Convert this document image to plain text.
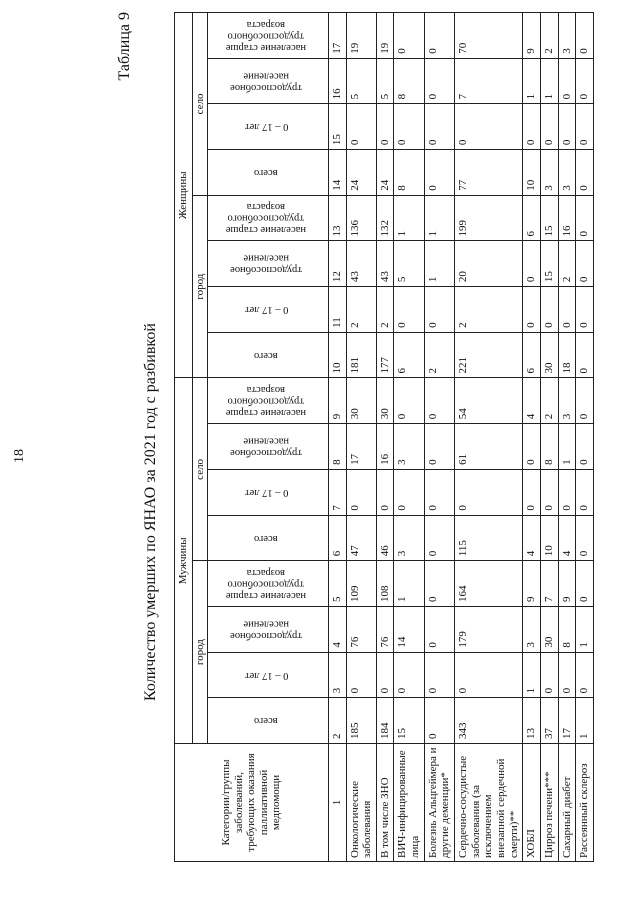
18	Количество умерших по ЯНАО за 2021 год с разбивкой
Таблица 9
Категории/группы заболеваний, требующих оказания паллиативной медпомощи	Мужчины								Женщины							
	город				село				город				село			
	всего	0 – 17 лет	трудоспособное население	население старше трудоспособного возраста	всего	0 – 17 лет	трудоспособное население	население старше трудоспособного возраста	всего	0 – 17 лет	трудоспособное население	население старше трудоспособного возраста	всего	0 – 17 лет	трудоспособное население	население старше трудоспособного возраста
1	2	3	4	5	6	7	8	9	10	11	12	13	14	15	16	17
Онкологические заболевания	185	0	76	109	47	0	17	30	181	2	43	136	24	0	5	19
В том числе ЗНО	184	0	76	108	46	0	16	30	177	2	43	132	24	0	5	19
ВИЧ-инфицированные лица	15	0	14	1	3	0	3	0	6	0	5	1	8	0	8	0
Болезнь Альцгеймера и другие деменции*	0	0	0	0	0	0	0	0	2	0	1	1	0	0	0	0
Сердечно-сосудистые заболевания (за исключением внезапной сердечной смерти)**	343	0	179	164	115	0	61	54	221	2	20	199	77	0	7	70
ХОБЛ	13	1	3	9	4	0	0	4	6	0	0	6	10	0	1	9
Цирроз печени***	37	0	30	7	10	0	8	2	30	0	15	15	3	0	1	2
Сахарный диабет	17	0	8	9	4	0	1	3	18	0	2	16	3	0	0	3
Рассеянный склероз	1	0	1	0	0	0	0	0	0	0	0	0	0	0	0	0
